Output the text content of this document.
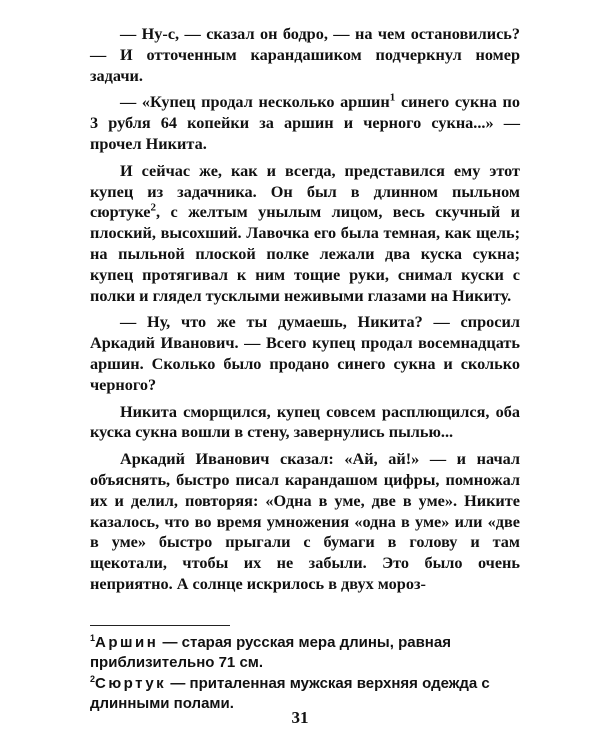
— Ну-с, — сказал он бодро, — на чем остановились? — И отточенным карандашиком подчеркнул номер задачи.

— «Купец продал несколько аршин$^1$ синего сукна по 3 рубля 64 копейки за аршин и черного сукна...» — прочел Никита.

И сейчас же, как и всегда, представился ему этот купец из задачника. Он был в длинном пыльном сюртуке$^2$, с желтым унылым лицом, весь скучный и плоский, высохший. Лавочка его была темная, как щель; на пыльной плоской полке лежали два куска сукна; купец протягивал к ним тощие руки, снимал куски с полки и глядел тусклыми неживыми глазами на Никиту.

— Ну, что же ты думаешь, Никита? — спросил Аркадий Иванович. — Всего купец продал восемнадцать аршин. Сколько было продано синего сукна и сколько черного?

Никита сморщился, купец совсем расплющился, оба куска сукна вошли в стену, завернулись пылью...

Аркадий Иванович сказал: «Ай, ай!» — и начал объяснять, быстро писал карандашом цифры, помножал их и делил, повторяя: «Одна в уме, две в уме». Никите казалось, что во время умножения «одна в уме» или «две в уме» быстро прыгали с бумаги в голову и там щекотали, чтобы их не забыли. Это было очень неприятно. А солнце искрилось в двух мороз-

$^1$Аршин — старая русская мера длины, равная приблизительно 71 см.

$^2$Сюртук — приталенная мужская верхняя одежда с длинными полами.

31
